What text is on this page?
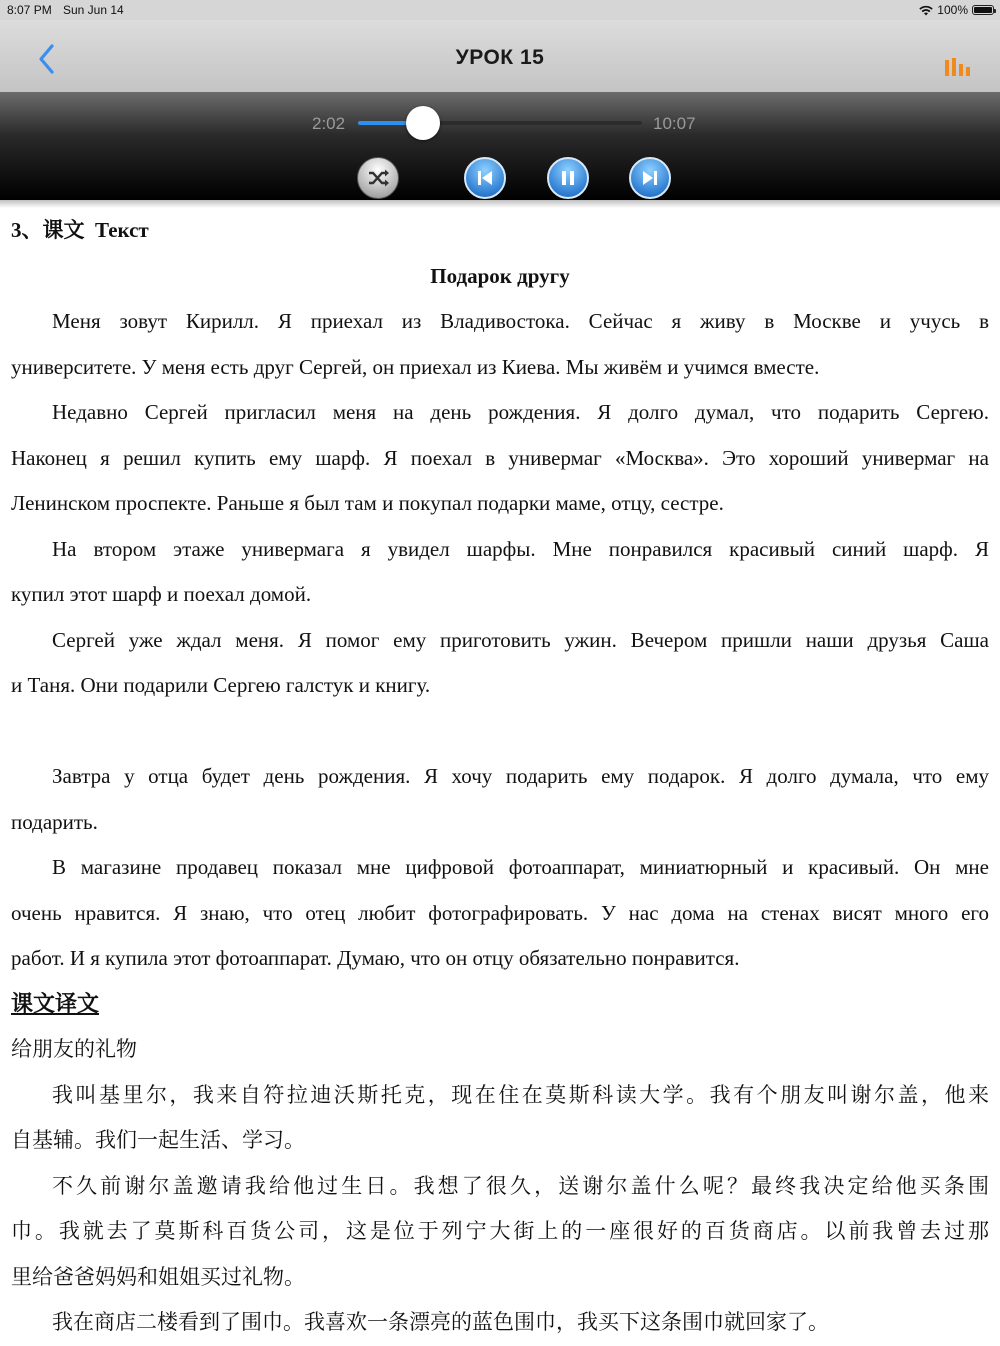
8:07 PM Sun Jun 14	100%
УРОК 15
2:02	10:07
3、课文 Текст
Подарок другу
Меня зовут Кирилл. Я приехал из Владивостока. Сейчас я живу в Москве и учусь в
университете. У меня есть друг Сергей, он приехал из Киева. Мы живём и учимся вместе.
Недавно Сергей пригласил меня на день рождения. Я долго думал, что подарить Сергею.
Наконец я решил купить ему шарф. Я поехал в универмаг «Москва». Это хороший универмаг на
Ленинском проспекте. Раньше я был там и покупал подарки маме, отцу, сестре.
На втором этаже универмага я увидел шарфы. Мне понравился красивый синий шарф. Я
купил этот шарф и поехал домой.
Сергей уже ждал меня. Я помог ему приготовить ужин. Вечером пришли наши друзья Саша
и Таня. Они подарили Сергею галстук и книгу.
Завтра у отца будет день рождения. Я хочу подарить ему подарок. Я долго думала, что ему
подарить.
В магазине продавец показал мне цифровой фотоаппарат, миниатюрный и красивый. Он мне
очень нравится. Я знаю, что отец любит фотографировать. У нас дома на стенах висят много его
работ. И я купила этот фотоаппарат. Думаю, что он отцу обязательно понравится.
课文译文
给朋友的礼物
我叫基里尔，我来自符拉迪沃斯托克，现在住在莫斯科读大学。我有个朋友叫谢尔盖，他来
自基辅。我们一起生活、学习。
不久前谢尔盖邀请我给他过生日。我想了很久，送谢尔盖什么呢？最终我决定给他买条围
巾。我就去了莫斯科百货公司，这是位于列宁大街上的一座很好的百货商店。以前我曾去过那
里给爸爸妈妈和姐姐买过礼物。
我在商店二楼看到了围巾。我喜欢一条漂亮的蓝色围巾，我买下这条围巾就回家了。
